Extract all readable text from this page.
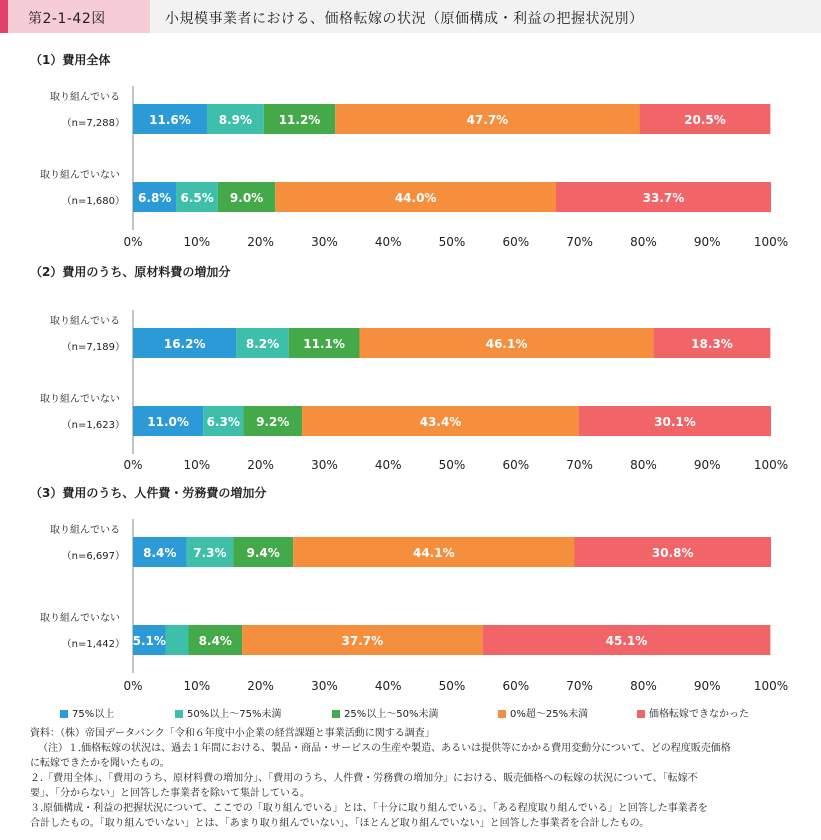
第2-1-42図	小規模事業者における、価格転嫁の状況（原価構成・利益の把握状況別）
（1）費用全体
0%	10%	20%	30%	40%	50%	60%	70%	80%	90%	100%
取り組んでいる
（n=7,288） 11.6% 8.9% 11.2%	47.7%	20.5%
取り組んでいない
（n=1,680） 6.8% 6.5% 9.0%	44.0%	33.7%
（2）費用のうち、原材料費の増加分
0%	10%	20%	30%	40%	50%	60%	70%	80%	90%	100%
取り組んでいる
（n=7,189）	16.2%	8.2% 11.1%	46.1%	18.3%
取り組んでいない
（n=1,623） 11.0% 6.3% 9.2%	43.4%	30.1%
（3）費用のうち、人件費・労務費の増加分
0%	10%	20%	30%	40%	50%	60%	70%	80%	90%	100%
取り組んでいる
（n=6,697） 8.4% 7.3% 9.4%	44.1%	30.8%
取り組んでいない
（n=1,442） 5.1%	8.4%	37.7%	45.1%
75%以上	50%以上～75%未満	25%以上～50%未満	0%超～25%未満	価格転嫁できなかった
資料：（株）帝国データバンク「令和６年度中小企業の経営課題と事業活動に関する調査」
（注）１.価格転嫁の状況は、過去１年間における、製品・商品・サービスの生産や製造、あるいは提供等にかかる費用変動分について、どの程度販売価格
に転嫁できたかを聞いたもの。
２.「費用全体」、「費用のうち、原材料費の増加分」、「費用のうち、人件費・労務費の増加分」における、販売価格への転嫁の状況について、「転嫁不
要」、「分からない」と回答した事業者を除いて集計している。
３.原価構成・利益の把握状況について、ここでの「取り組んでいる」とは、「十分に取り組んでいる」、「ある程度取り組んでいる」と回答した事業者を
合計したもの。「取り組んでいない」とは、「あまり取り組んでいない」、「ほとんど取り組んでいない」と回答した事業者を合計したもの。
